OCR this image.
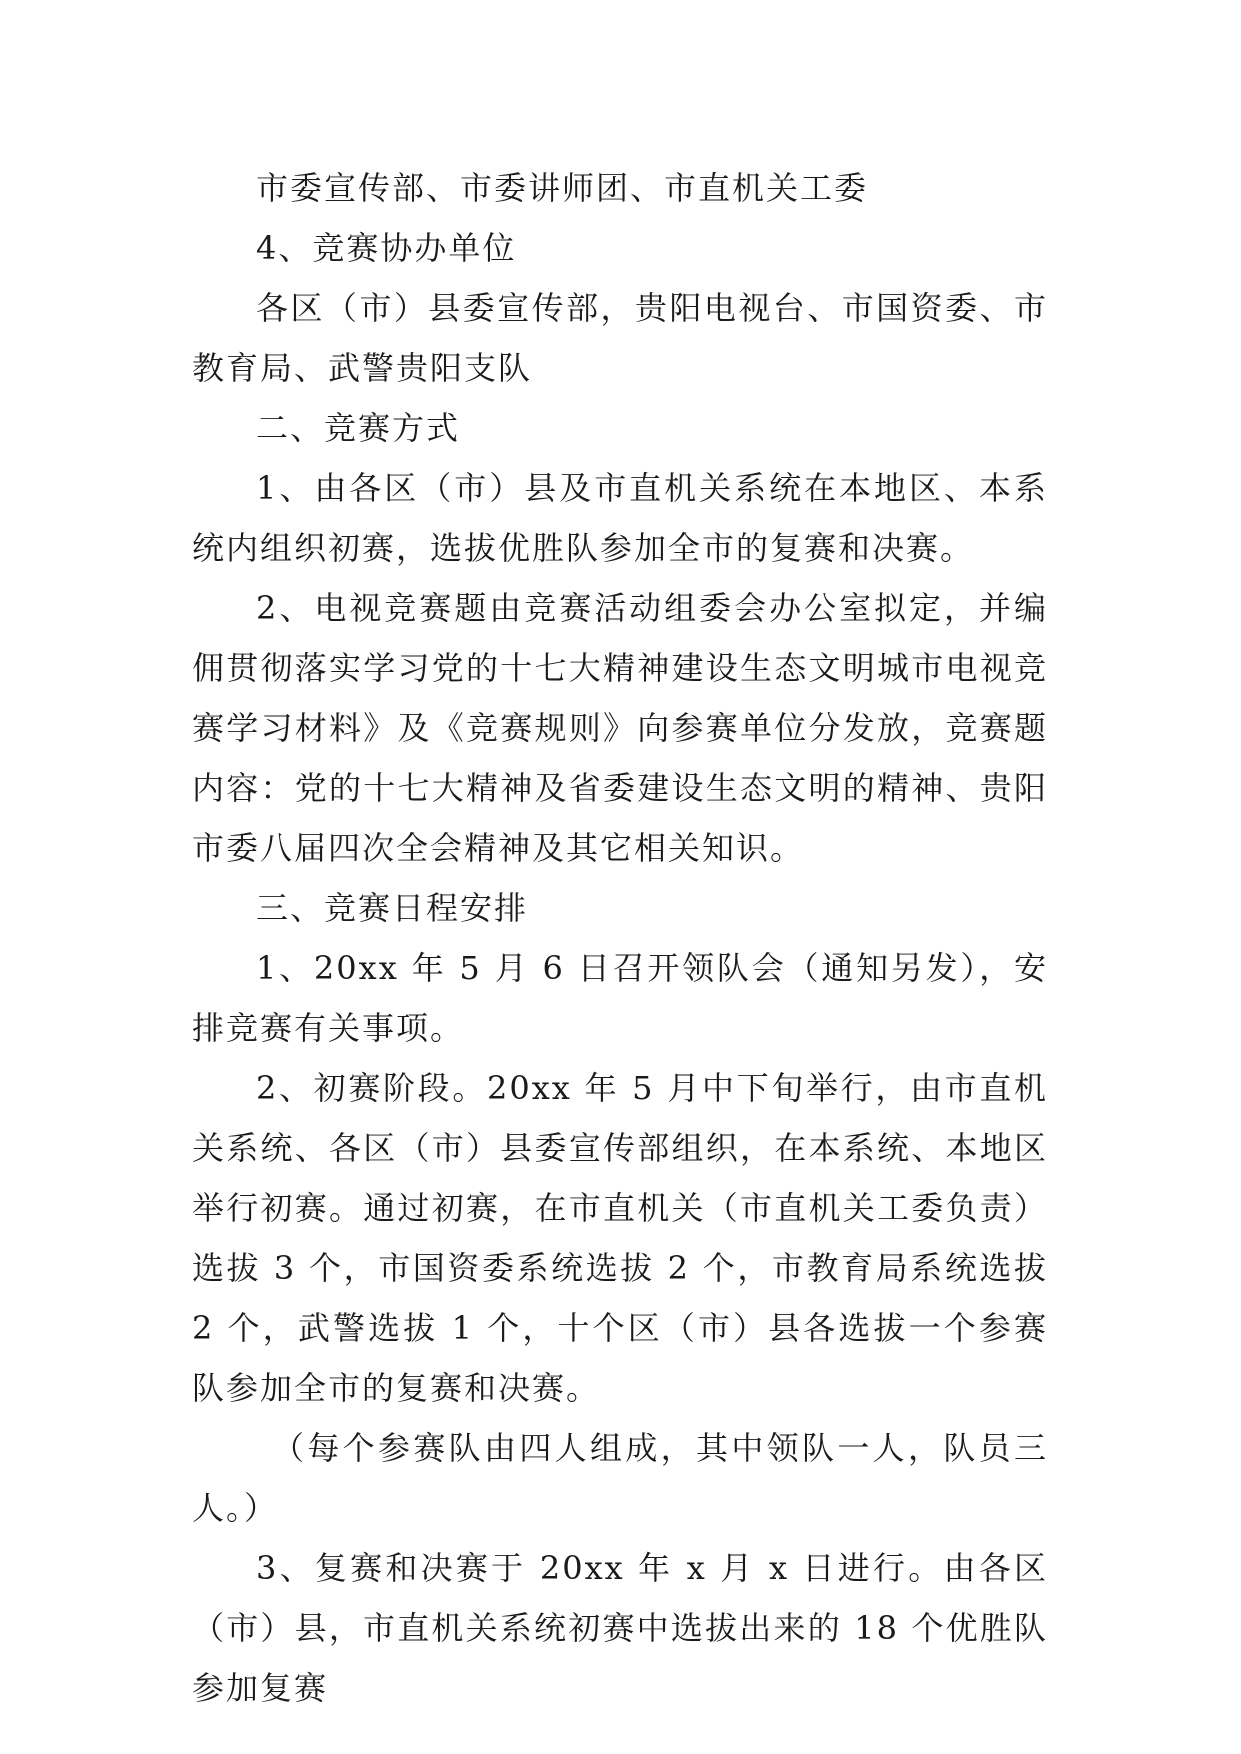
市委宣传部、市委讲师团、市直机关工委

4、竞赛协办单位

各区（市）县委宣传部，贵阳电视台、市国资委、市教育局、武警贵阳支队

二、竞赛方式

1、由各区（市）县及市直机关系统在本地区、本系统内组织初赛，选拔优胜队参加全市的复赛和决赛。

2、电视竞赛题由竞赛活动组委会办公室拟定，并编佣贯彻落实学习党的十七大精神建设生态文明城市电视竞赛学习材料》及《竞赛规则》向参赛单位分发放，竞赛题内容：党的十七大精神及省委建设生态文明的精神、贵阳市委八届四次全会精神及其它相关知识。

三、竞赛日程安排

1、20xx 年 5 月 6 日召开领队会（通知另发），安排竞赛有关事项。

2、初赛阶段。20xx 年 5 月中下旬举行，由市直机关系统、各区（市）县委宣传部组织，在本系统、本地区举行初赛。通过初赛，在市直机关（市直机关工委负责）选拔 3 个，市国资委系统选拔 2 个，市教育局系统选拔 2 个，武警选拔 1 个，十个区（市）县各选拔一个参赛队参加全市的复赛和决赛。

（每个参赛队由四人组成，其中领队一人，队员三人。）

3、复赛和决赛于 20xx 年 x 月 x 日进行。由各区（市）县，市直机关系统初赛中选拔出来的 18 个优胜队参加复赛
